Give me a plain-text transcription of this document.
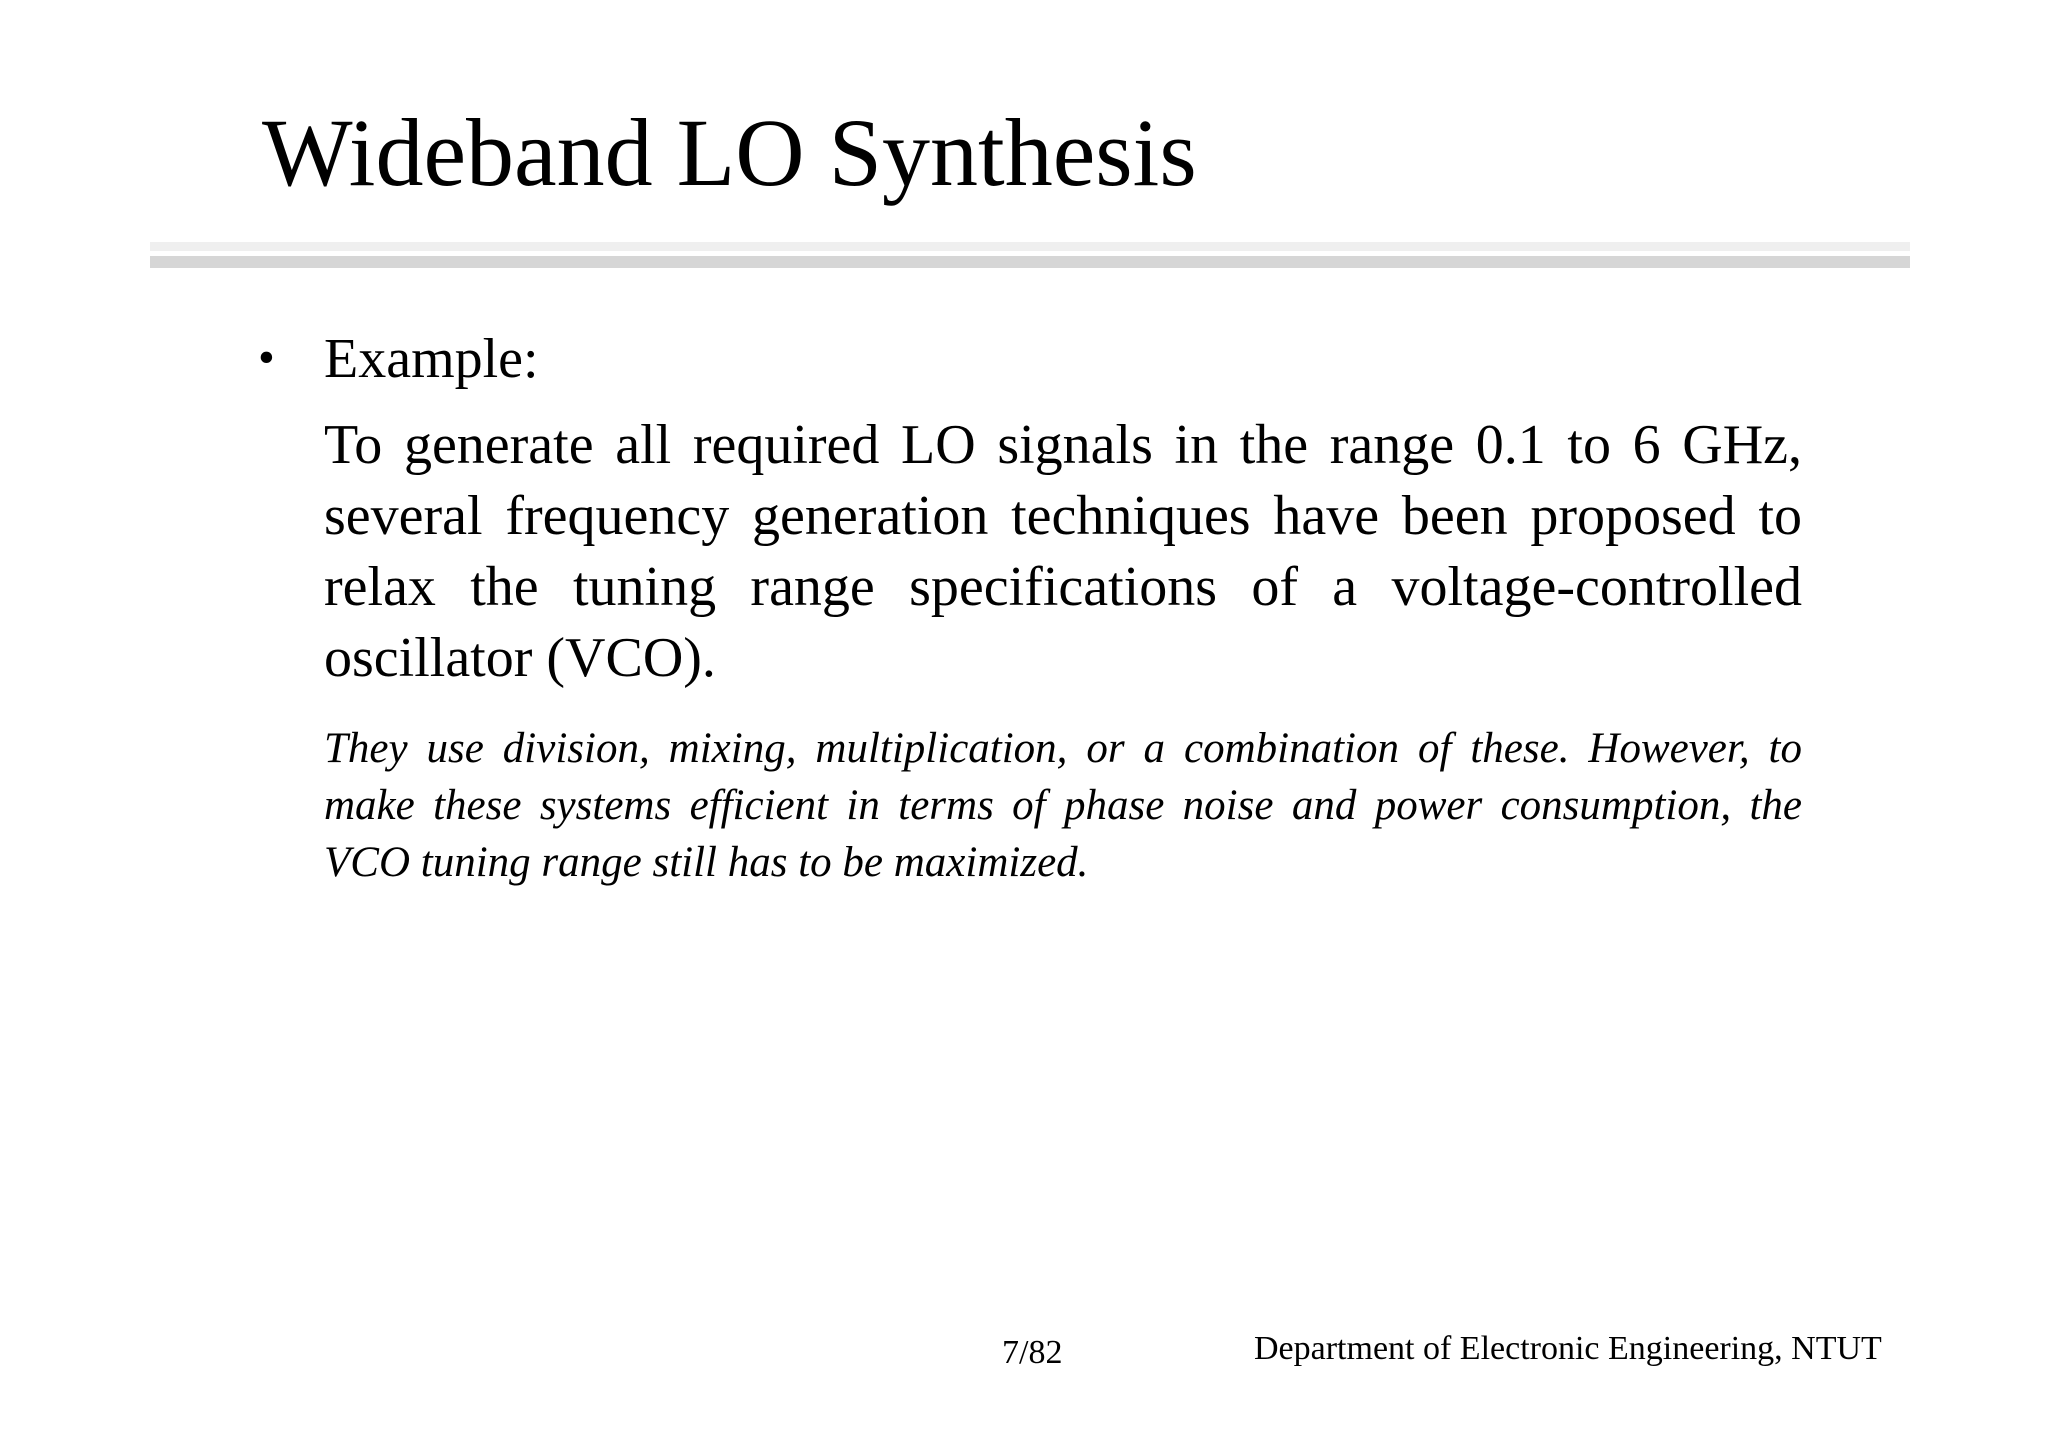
Wideband LO Synthesis
• Example:

To generate all required LO signals in the range 0.1 to 6 GHz, several frequency generation techniques have been proposed to relax the tuning range specifications of a voltage-controlled oscillator (VCO).

They use division, mixing, multiplication, or a combination of these. However, to make these systems efficient in terms of phase noise and power consumption, the VCO tuning range still has to be maximized.

7/82	Department of Electronic Engineering, NTUT
